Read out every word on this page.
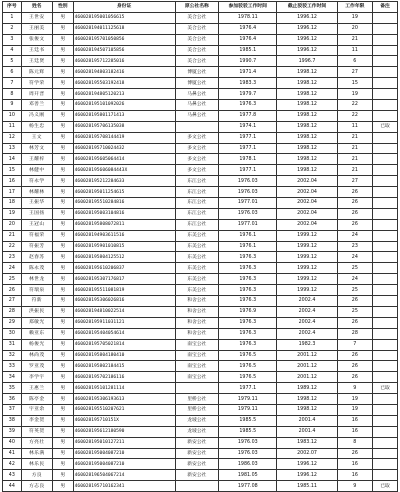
序号	姓名	性别	身份证	原公社名称	参加驳驳工作时间	截止驳驳工作时间	工作年限	备注
1	王世安	男	460028195001056615	美合公社	1978.11	1996.12	19	
2	王丽美	男	460028194011125618	美合公社	1976.4	1996.12	20	
3	张俊文	男	460028195701050856	美合公社	1976.4	1996.12	21	
4	王廷书	男	460028194507105856	美合公社	1985.1	1996.12	11	
5	王廷贤	男	460028195712285016	美合公社	1990.7	1996.7	6	
6	陈元辉	男	460028194803182416	博厦公社	1971.4	1998.12	27	
7	符学荣	男	460028195503192418	博厦公社	1983.3	1998.12	15	
8	周开晋	男	460028194805120213	马鼻公社	1979.7	1998.12	19	
9	邓善兰	男	460028195101092026	马鼻公社	1976.3	1998.12	22	
10	冯义刚	男	460028195801171413	马鼻公社	1977.8	1998.12	22	
11	杨生忠	男	460028195706135038		1974.1	1998.12	11	已取
12	王文	男	460028195708144419	多文公社	1977.1	1998.12	21	
13	林芳文	男	460028195710024432	多文公社	1977.1	1998.12	21	
14	王耀梓	男	460028195605064414	多文公社	1978.1	1998.12	21	
15	林健中	男	460028195606084443X	多文公社	1977.1	1998.12	21	
16	符永学	男	460028195212284633	东江公社	1976.03	2002.04	27	
17	林耀林	男	460028195011254615	东江公社	1976.03	2002.04	26	
18	王振华	男	460028195510284816	东江公社	1977.01	2002.04	26	
19	王国扬	男	460028195003104816	东江公社	1976.03	2002.04	26	
20	王冠山	男	460028195808072811	东江公社	1977.01	2002.04	26	
21	符福荣	男	460028194903611516	东美公社	1976.1	1999.12	24	
22	符振芳	男	460028195901010815	东美公社	1976.1	1999.12	23	
23	赵春苏	男	460028195804125512	东美公社	1976.3	1999.12	24	
24	陈永茂	男	460028195610206837	东美公社	1976.3	1999.12	25	
25	林世龙	男	460028195307176817	东美公社	1976.3	1999.12	24	
26	符瑞泉	男	460028195511081819	东美公社	1976.3	1999.12	25	
27	符新	男	460028195306026816	和舍公社	1976.3	2002.4	26	
28	洪振民	男	460028194810022514	和舍公社	1976.9	2002.4	25	
29	郑敏光	男	460028195911031121	和舍公社	1976.3	2002.4	26	
30	赖亚东	男	460028195404054614	和舍公社	1976.3	2002.4	28	
31	杨俊光	男	460028195705021814	南宝公社	1976.3	1982.3	7	
32	林尚茂	男	460028195804180410	南宝公社	1976.5	2001.12	26	
33	罗亚茂	男	460028195802184415	南宝公社	1976.5	2001.12	26	
34	李学宇	男	460028195702186116	南宝公社	1976.5	2001.12	26	
35	王惠兰	男	460028195101281114		1977.1	1989.12	9	已取
36	陈亭金	男	460028195306193613	里桥公社	1979.11	1998.12	19	
37	宇亚余	男	460028195510207621	里桥公社	1979.11	1998.12	19	
38	李金贺	男	460028195710151X	龙坡公社	1985.5	2001.4	16	
39	符英贺	男	460028195612180590	龙坡公社	1985.5	2001.4	16	
40	方亮壮	男	460028195010127211	新安公社	1976.03	1983.12	8	
41	林乐满	男	460028195004087210	新安公社	1976.03	2002.07	26	
42	林乐民	男	460028195004087210	新安公社	1986.03	1996.12	16	
43	方良	男	460028196504067214	新安公社	1981.05	1996.12	16	
44	方志良	男	460028195710162341		1977.08	1985.11	9	已取
